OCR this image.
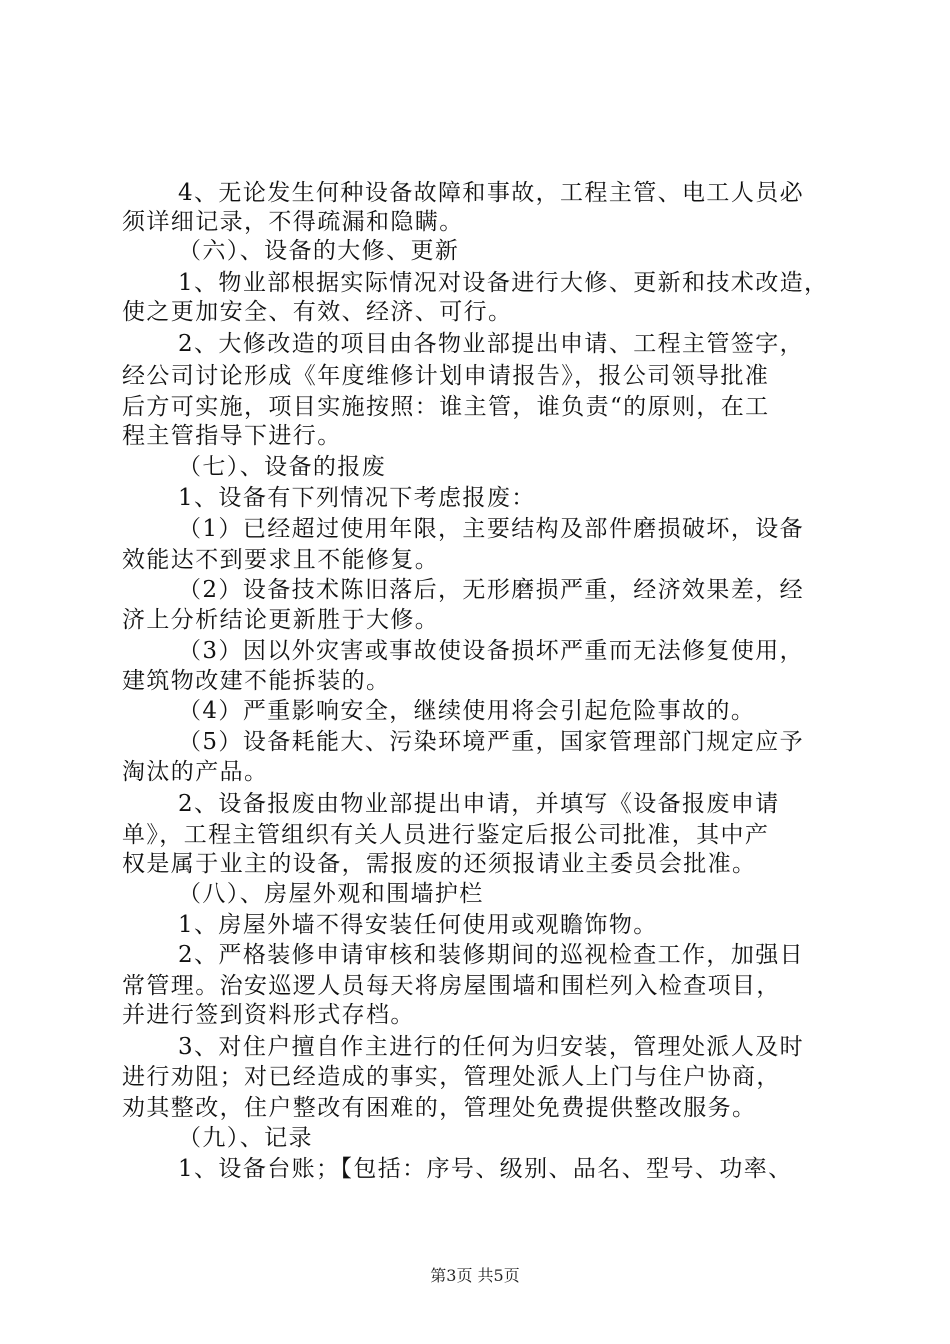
4、无论发生何种设备故障和事故，工程主管、电工人员必
须详细记录，不得疏漏和隐瞒。
（六）、设备的大修、更新
1、物业部根据实际情况对设备进行大修、更新和技术改造，
使之更加安全、有效、经济、可行。
2、大修改造的项目由各物业部提出申请、工程主管签字，
经公司讨论形成《年度维修计划申请报告》，报公司领导批准
后方可实施，项目实施按照：谁主管，谁负责“的原则，在工
程主管指导下进行。
（七）、设备的报废
1、设备有下列情况下考虑报废：
（1）已经超过使用年限，主要结构及部件磨损破坏，设备
效能达不到要求且不能修复。
（2）设备技术陈旧落后，无形磨损严重，经济效果差，经
济上分析结论更新胜于大修。
（3）因以外灾害或事故使设备损坏严重而无法修复使用，
建筑物改建不能拆装的。
（4）严重影响安全，继续使用将会引起危险事故的。
（5）设备耗能大、污染环境严重，国家管理部门规定应予
淘汰的产品。
2、设备报废由物业部提出申请，并填写《设备报废申请
单》，工程主管组织有关人员进行鉴定后报公司批准，其中产
权是属于业主的设备，需报废的还须报请业主委员会批准。
（八）、房屋外观和围墙护栏
1、房屋外墙不得安装任何使用或观瞻饰物。
2、严格装修申请审核和装修期间的巡视检查工作，加强日
常管理。治安巡逻人员每天将房屋围墙和围栏列入检查项目，
并进行签到资料形式存档。
3、对住户擅自作主进行的任何为归安装，管理处派人及时
进行劝阻；对已经造成的事实，管理处派人上门与住户协商，
劝其整改，住户整改有困难的，管理处免费提供整改服务。
（九）、记录
1、设备台账；【包括：序号、级别、品名、型号、功率、
第3页 共5页
